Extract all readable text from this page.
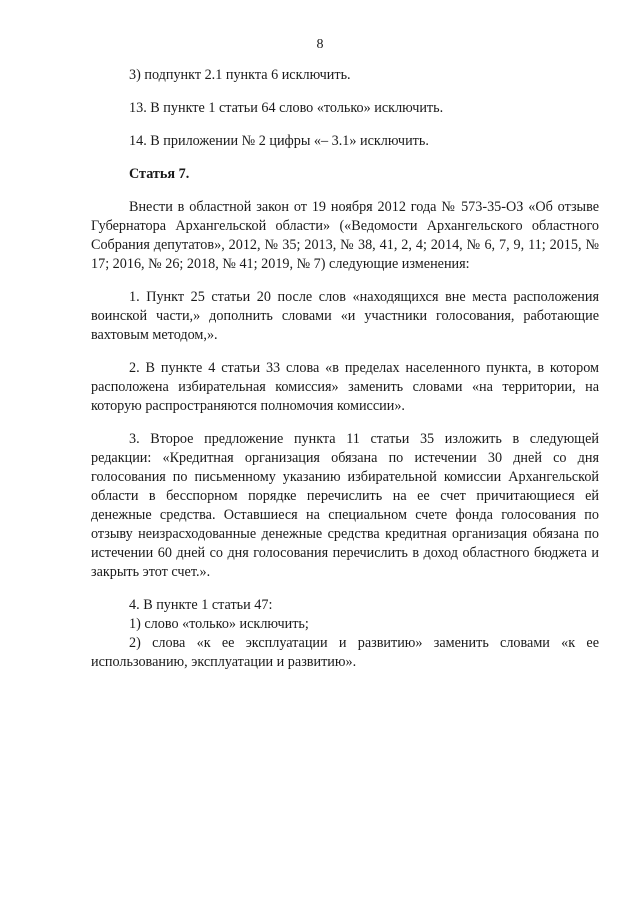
8

3) подпункт 2.1 пункта 6 исключить.

13. В пункте 1 статьи 64 слово «только» исключить.

14. В приложении № 2 цифры «– 3.1» исключить.

Статья 7.

Внести в областной закон от 19 ноября 2012 года № 573-35-ОЗ «Об отзыве Губернатора Архангельской области» («Ведомости Архангельского областного Собрания депутатов», 2012, № 35; 2013, № 38, 41, 2, 4; 2014, № 6, 7, 9, 11; 2015, № 17; 2016, № 26; 2018, № 41; 2019, № 7) следующие изменения:

1. Пункт 25 статьи 20 после слов «находящихся вне места расположения воинской части,» дополнить словами «и участники голосования, работающие вахтовым методом,».

2. В пункте 4 статьи 33 слова «в пределах населенного пункта, в котором расположена избирательная комиссия» заменить словами «на территории, на которую распространяются полномочия комиссии».

3. Второе предложение пункта 11 статьи 35 изложить в следующей редакции: «Кредитная организация обязана по истечении 30 дней со дня голосования по письменному указанию избирательной комиссии Архангельской области в бесспорном порядке перечислить на ее счет причитающиеся ей денежные средства. Оставшиеся на специальном счете фонда голосования по отзыву неизрасходованные денежные средства кредитная организация обязана по истечении 60 дней со дня голосования перечислить в доход областного бюджета и закрыть этот счет.».

4. В пункте 1 статьи 47:

1) слово «только» исключить;

2) слова «к ее эксплуатации и развитию» заменить словами «к ее использованию, эксплуатации и развитию».
